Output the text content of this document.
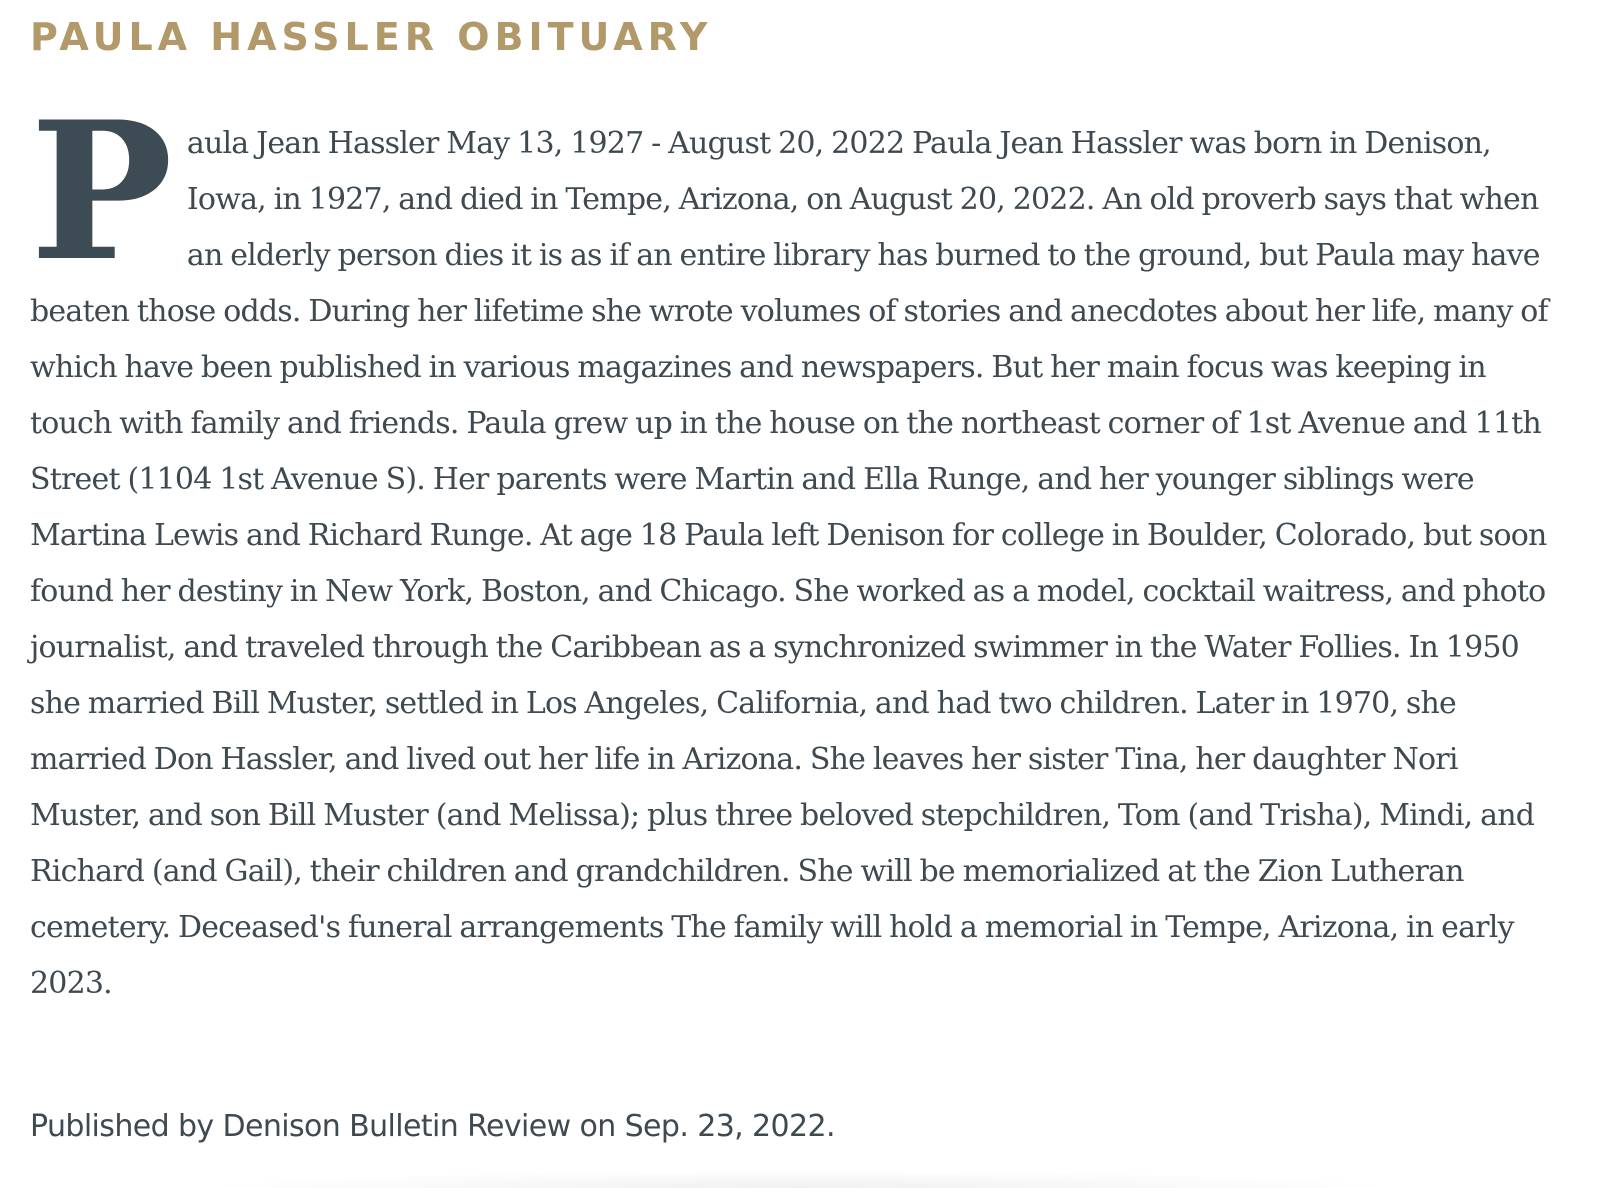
PAULA HASSLER OBITUARY

Paula Jean Hassler May 13, 1927 - August 20, 2022 Paula Jean Hassler was born in Denison, Iowa, in 1927, and died in Tempe, Arizona, on August 20, 2022. An old proverb says that when an elderly person dies it is as if an entire library has burned to the ground, but Paula may have beaten those odds. During her lifetime she wrote volumes of stories and anecdotes about her life, many of which have been published in various magazines and newspapers. But her main focus was keeping in touch with family and friends. Paula grew up in the house on the northeast corner of 1st Avenue and 11th Street (1104 1st Avenue S). Her parents were Martin and Ella Runge, and her younger siblings were Martina Lewis and Richard Runge. At age 18 Paula left Denison for college in Boulder, Colorado, but soon found her destiny in New York, Boston, and Chicago. She worked as a model, cocktail waitress, and photo journalist, and traveled through the Caribbean as a synchronized swimmer in the Water Follies. In 1950 she married Bill Muster, settled in Los Angeles, California, and had two children. Later in 1970, she married Don Hassler, and lived out her life in Arizona. She leaves her sister Tina, her daughter Nori Muster, and son Bill Muster (and Melissa); plus three beloved stepchildren, Tom (and Trisha), Mindi, and Richard (and Gail), their children and grandchildren. She will be memorialized at the Zion Lutheran cemetery. Deceased's funeral arrangements The family will hold a memorial in Tempe, Arizona, in early 2023.

Published by Denison Bulletin Review on Sep. 23, 2022.
